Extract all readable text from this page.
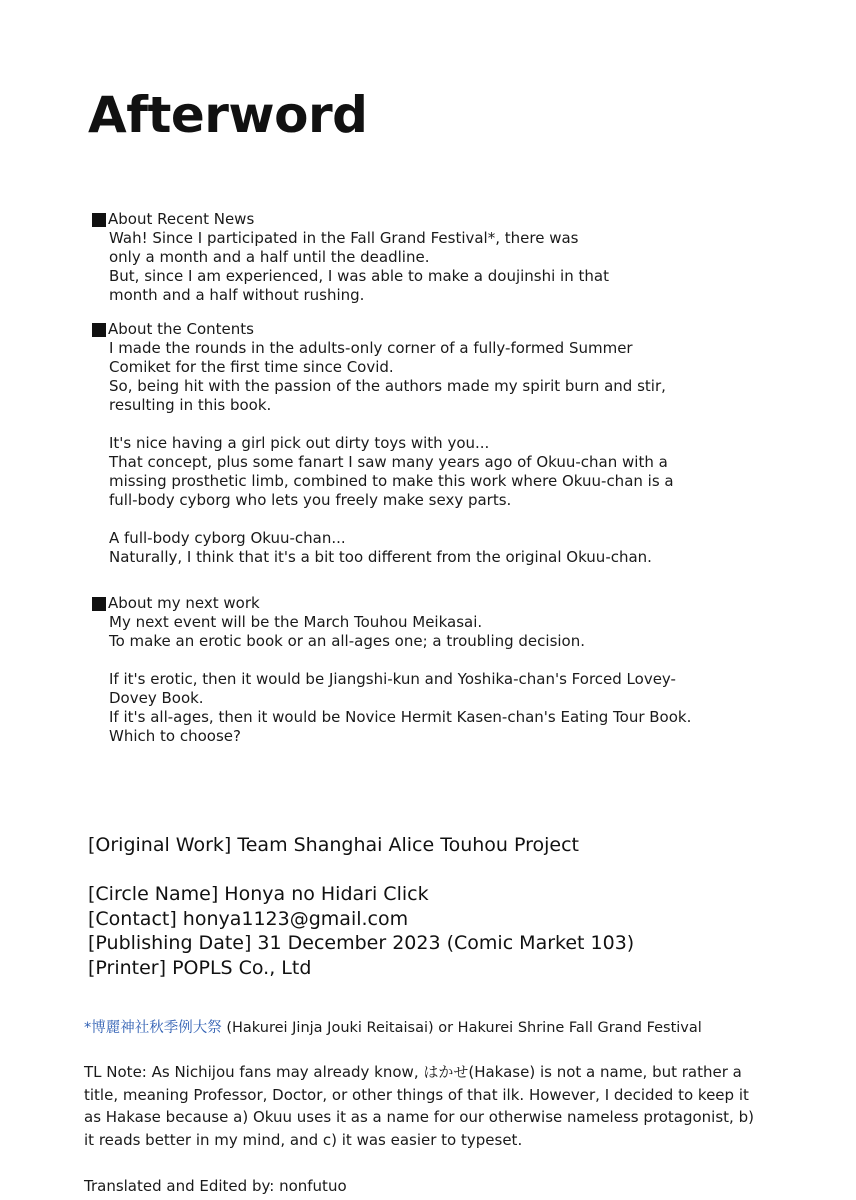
Afterword
About Recent News
Wah! Since I participated in the Fall Grand Festival*, there was
only a month and a half until the deadline.
But, since I am experienced, I was able to make a doujinshi in that
month and a half without rushing.
About the Contents
I made the rounds in the adults-only corner of a fully-formed Summer
Comiket for the first time since Covid.
So, being hit with the passion of the authors made my spirit burn and stir,
resulting in this book.
It's nice having a girl pick out dirty toys with you...
That concept, plus some fanart I saw many years ago of Okuu-chan with a
missing prosthetic limb, combined to make this work where Okuu-chan is a
full-body cyborg who lets you freely make sexy parts.
A full-body cyborg Okuu-chan...
Naturally, I think that it's a bit too different from the original Okuu-chan.
About my next work
My next event will be the March Touhou Meikasai.
To make an erotic book or an all-ages one; a troubling decision.
If it's erotic, then it would be Jiangshi-kun and Yoshika-chan's Forced Lovey-
Dovey Book.
If it's all-ages, then it would be Novice Hermit Kasen-chan's Eating Tour Book.
Which to choose?
[Original Work] Team Shanghai Alice Touhou Project
[Circle Name] Honya no Hidari Click
[Contact] honya1123@gmail.com
[Publishing Date] 31 December 2023 (Comic Market 103)
[Printer] POPLS Co., Ltd
*博麗神社秋季例大祭 (Hakurei Jinja Jouki Reitaisai) or Hakurei Shrine Fall Grand Festival
TL Note: As Nichijou fans may already know, はかせ(Hakase) is not a name, but rather a title, meaning Professor, Doctor, or other things of that ilk. However, I decided to keep it as Hakase because a) Okuu uses it as a name for our otherwise nameless protagonist, b) it reads better in my mind, and c) it was easier to typeset.
Translated and Edited by: nonfutuo
